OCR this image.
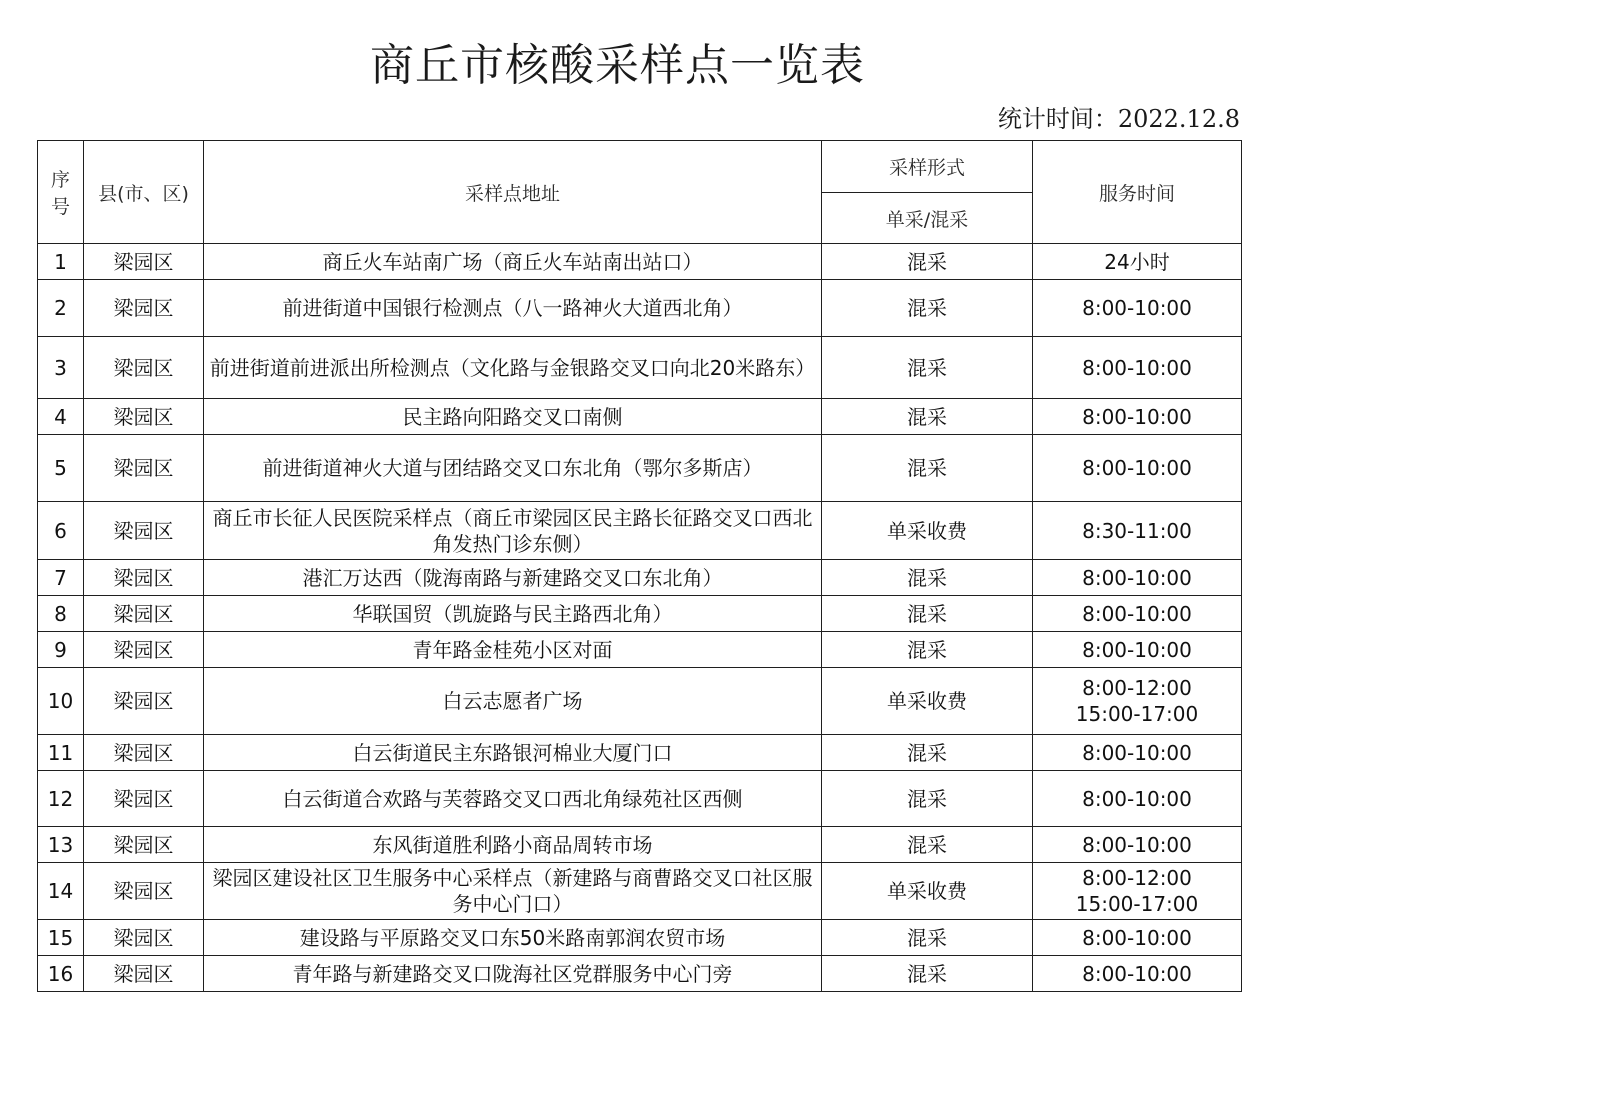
商丘市核酸采样点一览表
统计时间：2022.12.8
序号	县(市、区)	采样点地址	采样形式	服务时间
			单采/混采	
1	梁园区	商丘火车站南广场（商丘火车站南出站口）	混采	24小时

2	梁园区	前进街道中国银行检测点（八一路神火大道西北角）	混采	8:00-10:00

3	梁园区	前进街道前进派出所检测点（文化路与金银路交叉口向北20米路东）	混采	8:00-10:00

4	梁园区	民主路向阳路交叉口南侧	混采	8:00-10:00

5	梁园区	前进街道神火大道与团结路交叉口东北角（鄂尔多斯店）	混采	8:00-10:00

6	梁园区	商丘市长征人民医院采样点（商丘市梁园区民主路长征路交叉口西北角发热门诊东侧）	单采收费	8:30-11:00

7	梁园区	港汇万达西（陇海南路与新建路交叉口东北角）	混采	8:00-10:00

8	梁园区	华联国贸（凯旋路与民主路西北角）	混采	8:00-10:00

9	梁园区	青年路金桂苑小区对面	混采	8:00-10:00

10	梁园区	白云志愿者广场	单采收费	8:00-12:00
15:00-17:00

11	梁园区	白云街道民主东路银河棉业大厦门口	混采	8:00-10:00

12	梁园区	白云街道合欢路与芙蓉路交叉口西北角绿苑社区西侧	混采	8:00-10:00

13	梁园区	东风街道胜利路小商品周转市场	混采	8:00-10:00

14	梁园区	梁园区建设社区卫生服务中心采样点（新建路与商曹路交叉口社区服务中心门口）	单采收费	8:00-12:00
15:00-17:00

15	梁园区	建设路与平原路交叉口东50米路南郭润农贸市场	混采	8:00-10:00

16	梁园区	青年路与新建路交叉口陇海社区党群服务中心门旁	混采	8:00-10:00
